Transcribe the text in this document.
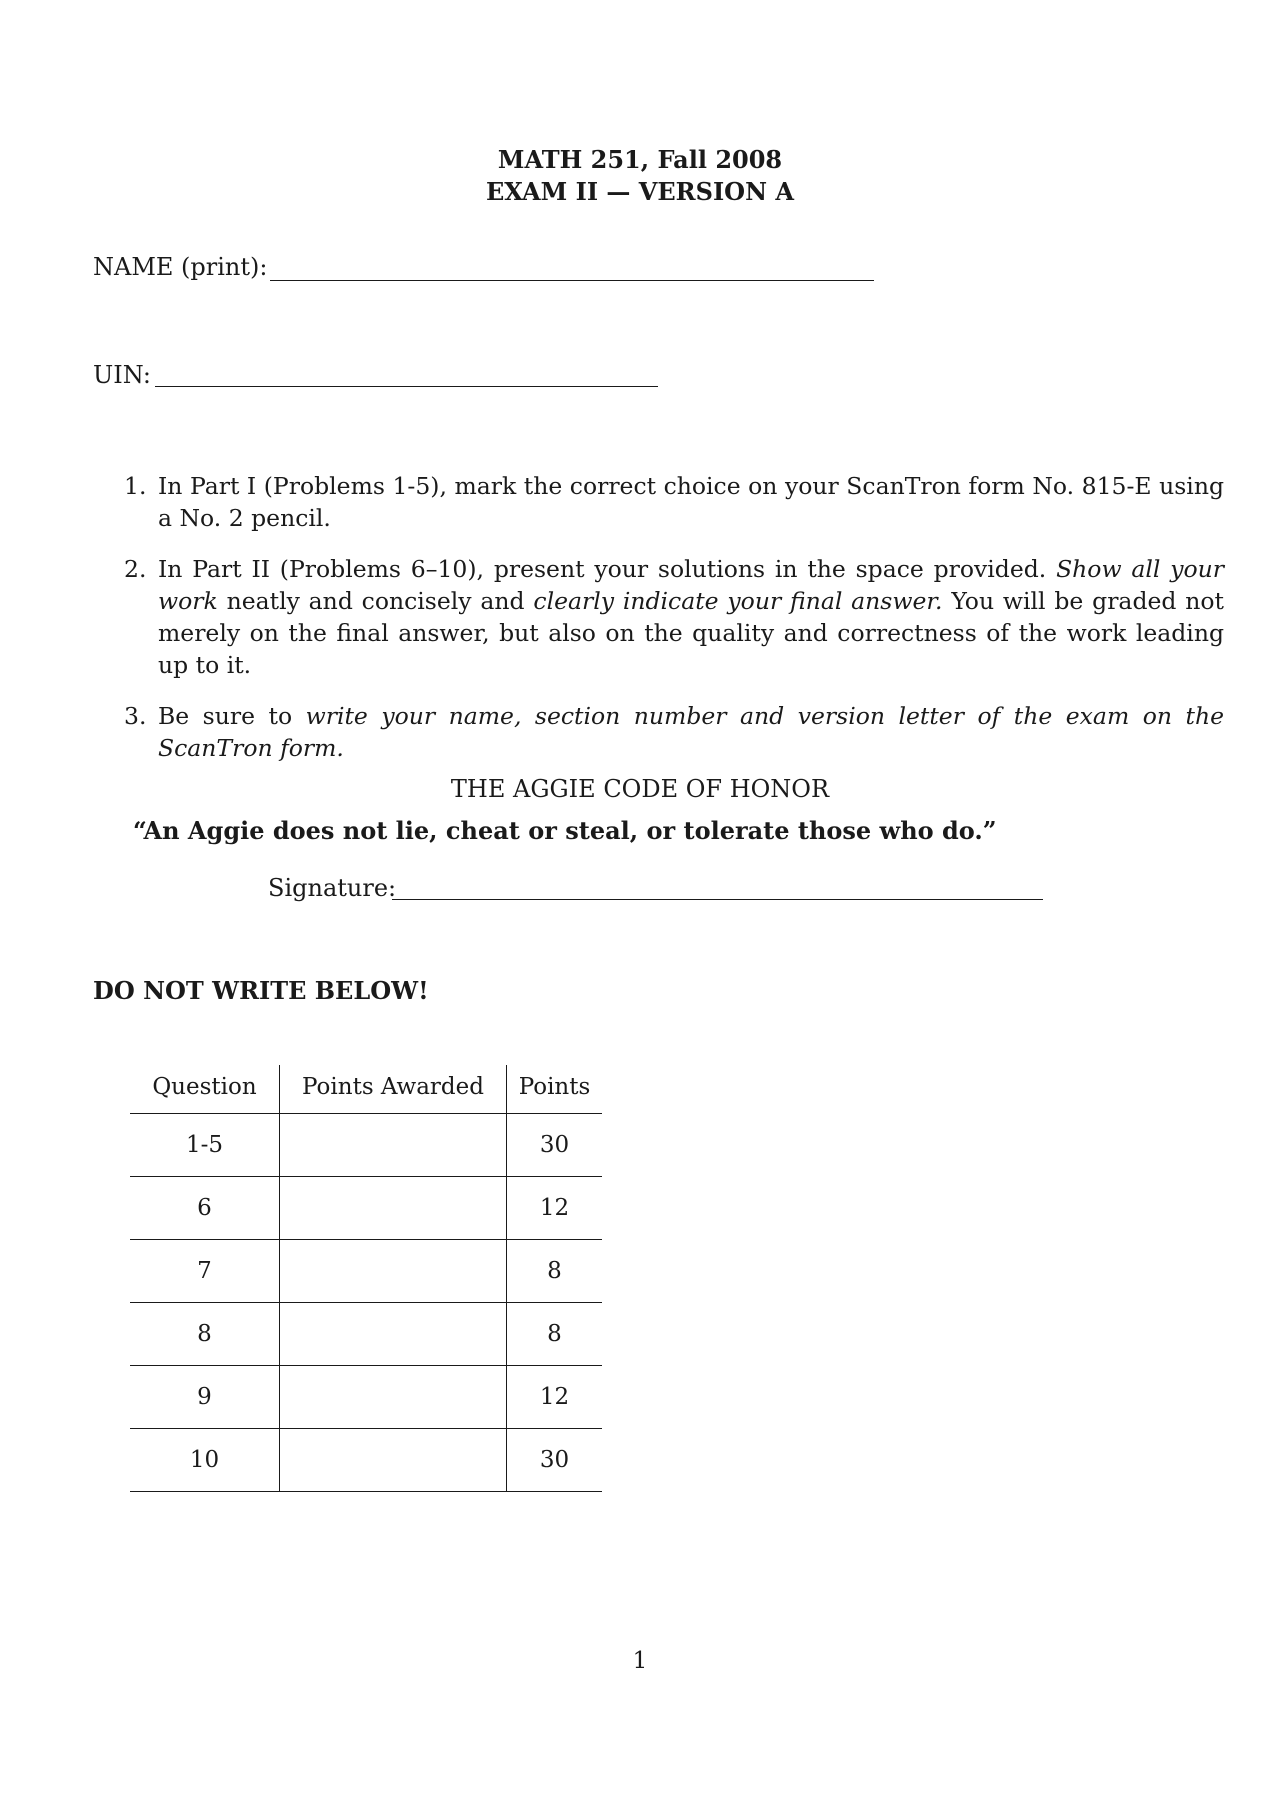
MATH 251, Fall 2008
EXAM II — VERSION A
NAME (print):
UIN:
1. In Part I (Problems 1-5), mark the correct choice on your ScanTron form No. 815-E using a No. 2 pencil.
2. In Part II (Problems 6–10), present your solutions in the space provided. Show all your work neatly and concisely and clearly indicate your final answer. You will be graded not merely on the final answer, but also on the quality and correctness of the work leading up to it.
3. Be sure to write your name, section number and version letter of the exam on the ScanTron form.
THE AGGIE CODE OF HONOR
“An Aggie does not lie, cheat or steal, or tolerate those who do.”
Signature:
DO NOT WRITE BELOW!
Question	Points Awarded	Points
1-5		30
6		12
7		8
8		8
9		12
10		30
1
